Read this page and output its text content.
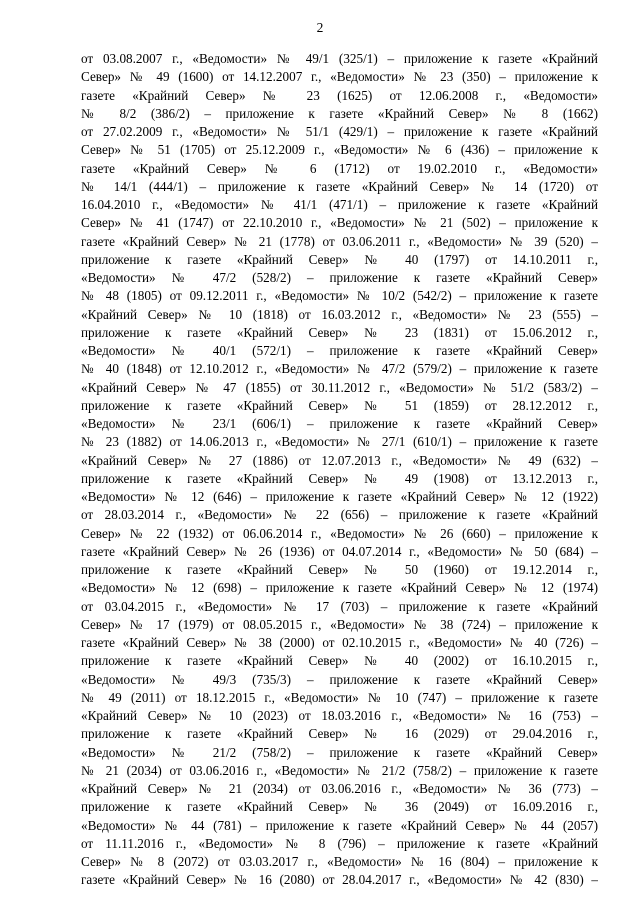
2
от 03.08.2007 г., «Ведомости» № 49/1 (325/1) – приложение к газете «Крайний
Север» № 49 (1600) от 14.12.2007 г., «Ведомости» № 23 (350) – приложение к
газете «Крайний Север» № 23 (1625) от 12.06.2008 г., «Ведомости»
№ 8/2 (386/2) – приложение к газете «Крайний Север» № 8 (1662)
от 27.02.2009 г., «Ведомости» № 51/1 (429/1) – приложение к газете «Крайний
Север» № 51 (1705) от 25.12.2009 г., «Ведомости» № 6 (436) – приложение к
газете «Крайний Север» № 6 (1712) от 19.02.2010 г., «Ведомости»
№ 14/1 (444/1) – приложение к газете «Крайний Север» № 14 (1720) от
16.04.2010 г., «Ведомости» № 41/1 (471/1) – приложение к газете «Крайний
Север» № 41 (1747) от 22.10.2010 г., «Ведомости» № 21 (502) – приложение к
газете «Крайний Север» № 21 (1778) от 03.06.2011 г., «Ведомости» № 39 (520) –
приложение к газете «Крайний Север» № 40 (1797) от 14.10.2011 г.,
«Ведомости» № 47/2 (528/2) – приложение к газете «Крайний Север»
№ 48 (1805) от 09.12.2011 г., «Ведомости» № 10/2 (542/2) – приложение к газете
«Крайний Север» № 10 (1818) от 16.03.2012 г., «Ведомости» № 23 (555) –
приложение к газете «Крайний Север» № 23 (1831) от 15.06.2012 г.,
«Ведомости» № 40/1 (572/1) – приложение к газете «Крайний Север»
№ 40 (1848) от 12.10.2012 г., «Ведомости» № 47/2 (579/2) – приложение к газете
«Крайний Север» № 47 (1855) от 30.11.2012 г., «Ведомости» № 51/2 (583/2) –
приложение к газете «Крайний Север» № 51 (1859) от 28.12.2012 г.,
«Ведомости» № 23/1 (606/1) – приложение к газете «Крайний Север»
№ 23 (1882) от 14.06.2013 г., «Ведомости» № 27/1 (610/1) – приложение к газете
«Крайний Север» № 27 (1886) от 12.07.2013 г., «Ведомости» № 49 (632) –
приложение к газете «Крайний Север» № 49 (1908) от 13.12.2013 г.,
«Ведомости» № 12 (646) – приложение к газете «Крайний Север» № 12 (1922)
от 28.03.2014 г., «Ведомости» № 22 (656) – приложение к газете «Крайний
Север» № 22 (1932) от 06.06.2014 г., «Ведомости» № 26 (660) – приложение к
газете «Крайний Север» № 26 (1936) от 04.07.2014 г., «Ведомости» № 50 (684) –
приложение к газете «Крайний Север» № 50 (1960) от 19.12.2014 г.,
«Ведомости» № 12 (698) – приложение к газете «Крайний Север» № 12 (1974)
от 03.04.2015 г., «Ведомости» № 17 (703) – приложение к газете «Крайний
Север» № 17 (1979) от 08.05.2015 г., «Ведомости» № 38 (724) – приложение к
газете «Крайний Север» № 38 (2000) от 02.10.2015 г., «Ведомости» № 40 (726) –
приложение к газете «Крайний Север» № 40 (2002) от 16.10.2015 г.,
«Ведомости» № 49/3 (735/3) – приложение к газете «Крайний Север»
№ 49 (2011) от 18.12.2015 г., «Ведомости» № 10 (747) – приложение к газете
«Крайний Север» № 10 (2023) от 18.03.2016 г., «Ведомости» № 16 (753) –
приложение к газете «Крайний Север» № 16 (2029) от 29.04.2016 г.,
«Ведомости» № 21/2 (758/2) – приложение к газете «Крайний Север»
№ 21 (2034) от 03.06.2016 г., «Ведомости» № 21/2 (758/2) – приложение к газете
«Крайний Север» № 21 (2034) от 03.06.2016 г., «Ведомости» № 36 (773) –
приложение к газете «Крайний Север» № 36 (2049) от 16.09.2016 г.,
«Ведомости» № 44 (781) – приложение к газете «Крайний Север» № 44 (2057)
от 11.11.2016 г., «Ведомости» № 8 (796) – приложение к газете «Крайний
Север» № 8 (2072) от 03.03.2017 г., «Ведомости» № 16 (804) – приложение к
газете «Крайний Север» № 16 (2080) от 28.04.2017 г., «Ведомости» № 42 (830) –
